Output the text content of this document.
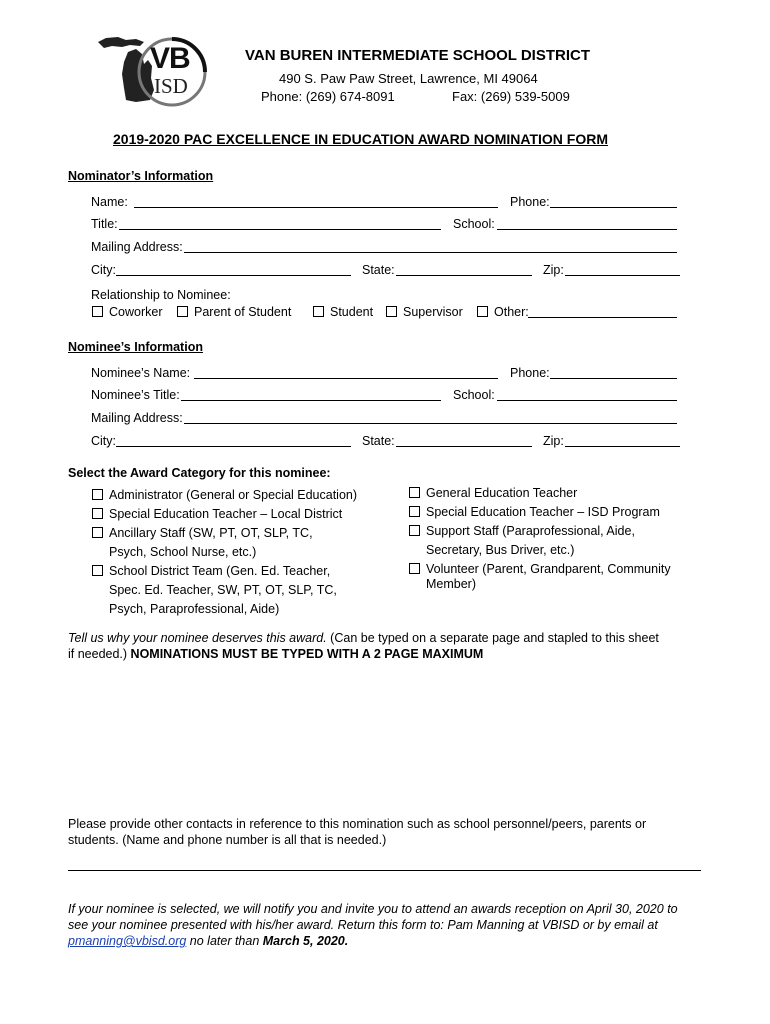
VB
ISD
VAN BUREN INTERMEDIATE SCHOOL DISTRICT
490 S. Paw Paw Street, Lawrence, MI 49064
Phone: (269) 674-8091	Fax: (269) 539-5009
2019-2020 PAC EXCELLENCE IN EDUCATION AWARD NOMINATION FORM
Nominator’s Information
Name:	Phone:
Title:	School:
Mailing Address:
City:	State:	Zip:
Relationship to Nominee:
Coworker	Parent of Student	Student Supervisor	Other:
Nominee’s Information
Nominee’s Name:	Phone:
Nominee’s Title:	School:
Mailing Address:
City:	State:	Zip:
Select the Award Category for this nominee:
Administrator (General or Special Education)
Special Education Teacher – Local District
Ancillary Staff (SW, PT, OT, SLP, TC,
Psych, School Nurse, etc.)
School District Team (Gen. Ed. Teacher,
Spec. Ed. Teacher, SW, PT, OT, SLP, TC,
Psych, Paraprofessional, Aide)
General Education Teacher
Special Education Teacher – ISD Program
Support Staff (Paraprofessional, Aide,
Secretary, Bus Driver, etc.)
Volunteer (Parent, Grandparent, Community
Member)
Tell us why your nominee deserves this award. (Can be typed on a separate page and stapled to this sheet if needed.) NOMINATIONS MUST BE TYPED WITH A 2 PAGE MAXIMUM
Please provide other contacts in reference to this nomination such as school personnel/peers, parents or students. (Name and phone number is all that is needed.)
If your nominee is selected, we will notify you and invite you to attend an awards reception on April 30, 2020 to see your nominee presented with his/her award. Return this form to: Pam Manning at VBISD or by email at pmanning@vbisd.org no later than March 5, 2020.
